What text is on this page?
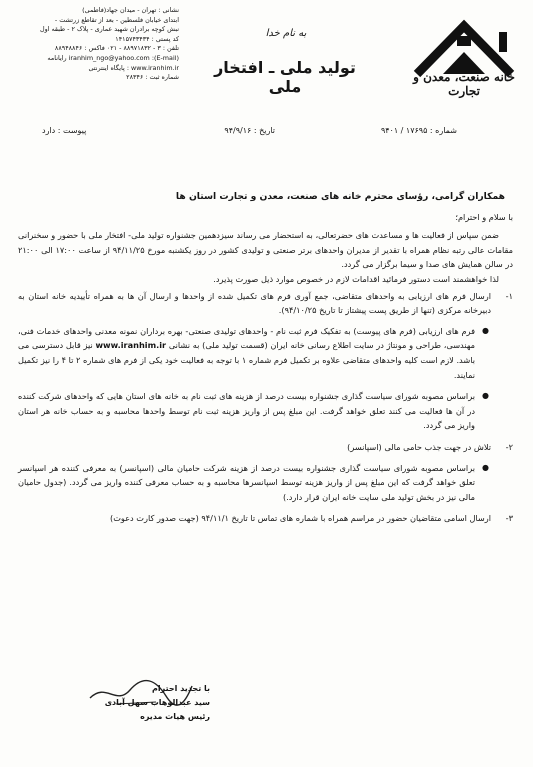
خانه صنعت، معدن و تجارت
به نام خدا
تولید ملی ـ افتخار ملی
نشانی : تهران - میدان جهاد(فاطمی)
ابتدای خیابان فلسطین - بعد از تقاطع زرتشت -
نبش کوچه برادران شهید عماری - پلاک ۲ - طبقه اول
کد پستی : ۱۴۱۵۷۴۳۴۳۴
تلفن : ۳ - ۸۸۹۷۱۸۳۲ - ۰۲۱ فاکس : ۸۸۹۴۸۸۴۶
iranhim_ngo@yahoo.com :(E-mail) رایانامه
www.iranhim.ir : پایگاه اینترنتی
شماره ثبت : ۲۸۳۴۶
شماره : ۱۷۶۹۵ / ۹۴۰۱
تاریخ : ۹۴/۹/۱۶
پیوست : دارد
همکاران گرامی، رؤسای محترم خانه های صنعت، معدن و تجارت استان ها

با سلام و احترام؛

ضمن سپاس از فعالیت ها و مساعدت های حضرتعالی، به استحضار می رساند سیزدهمین جشنواره تولید ملی- افتخار ملی با حضور و سخنرانی مقامات عالی رتبه نظام همراه با تقدیر از مدیران واحدهای برتر صنعتی و تولیدی کشور در روز یکشنبه مورخ ۹۴/۱۱/۲۵ از ساعت ۱۷:۰۰ الی ۲۱:۰۰ در سالن همایش های صدا و سیما برگزار می گردد.

لذا خواهشمند است دستور فرمائید اقدامات لازم در خصوص موارد ذیل صورت پذیرد.

۱-
ارسال فرم های ارزیابی به واحدهای متقاضی، جمع آوری فرم های تکمیل شده از واحدها و ارسال آن ها به همراه تأییدیه خانه استان به دبیرخانه مرکزی (تنها از طریق پست پیشتاز تا تاریخ ۹۴/۱۰/۲۵).
●
فرم های ارزیابی (فرم های پیوست) به تفکیک فرم ثبت نام - واحدهای تولیدی صنعتی- بهره برداران نمونه معدنی واحدهای خدمات فنی، مهندسی، طراحی و مونتاژ در سایت اطلاع رسانی خانه ایران (قسمت تولید ملی) به نشانی www.iranhim.ir نیز قابل دسترسی می باشد. لازم است کلیه واحدهای متقاضی علاوه بر تکمیل فرم شماره ۱ با توجه به فعالیت خود یکی از فرم های شماره ۲ تا ۴ را نیز تکمیل نمایند.
●
براساس مصوبه شورای سیاست گذاری جشنواره بیست درصد از هزینه های ثبت نام به خانه های استان هایی که واحدهای شرکت کننده در آن ها فعالیت می کنند تعلق خواهد گرفت. این مبلغ پس از واریز هزینه ثبت نام توسط واحدها محاسبه و به حساب خانه هر استان واریز می گردد.
۲-
تلاش در جهت جذب حامی مالی (اسپانسر)
●
براساس مصوبه شورای سیاست گذاری جشنواره بیست درصد از هزینه شرکت حامیان مالی (اسپانسر) به معرفی کننده هر اسپانسر تعلق خواهد گرفت که این مبلغ پس از واریز هزینه توسط اسپانسرها محاسبه و به حساب معرفی کننده واریز می گردد. (جدول حامیان مالی نیز در بخش تولید ملی سایت خانه ایران قرار دارد.)
۳-
ارسال اسامی متقاضیان حضور در مراسم همراه با شماره های تماس تا تاریخ ۹۴/۱۱/۱ (جهت صدور کارت دعوت)
با تجدید احترام
سید عبدالوهاب سهل آبادی
رئیس هیات مدیره
